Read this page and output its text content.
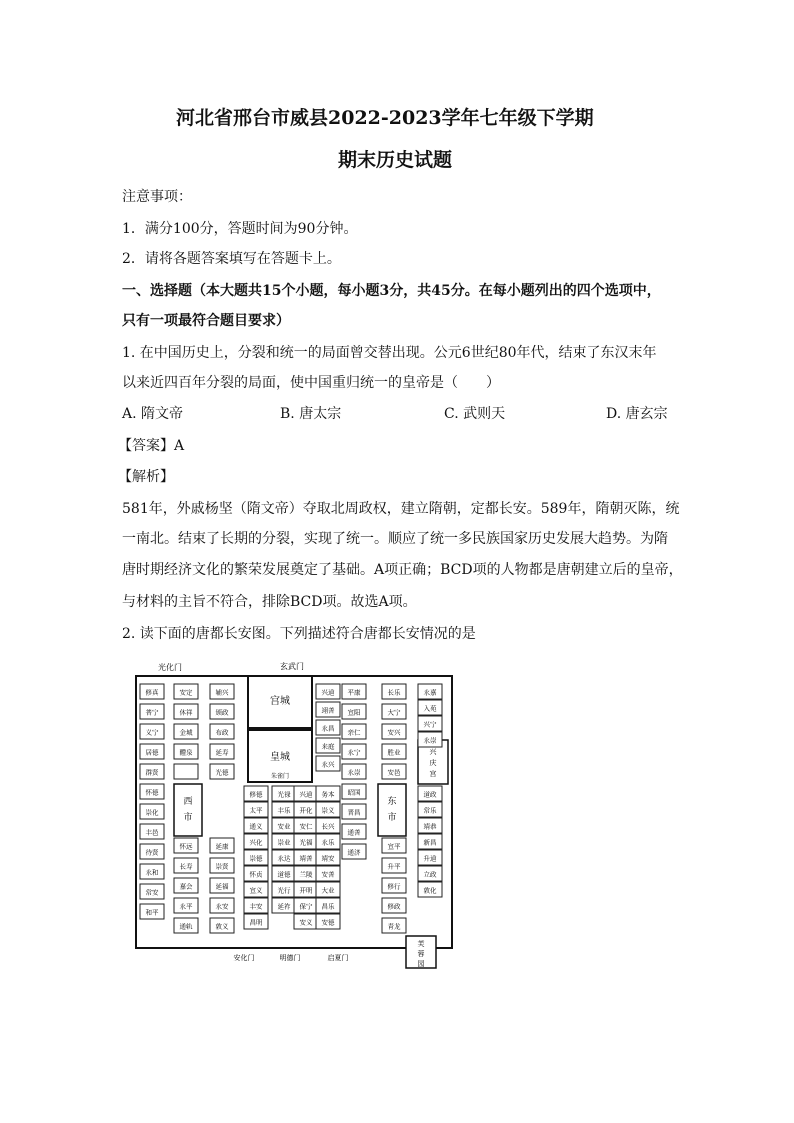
河北省邢台市威县2022-2023学年七年级下学期
期末历史试题
注意事项：
1．满分100分，答题时间为90分钟。
2．请将各题答案填写在答题卡上。
一、选择题（本大题共15个小题，每小题3分，共45分。在每小题列出的四个选项中，
只有一项最符合题目要求）
1. 在中国历史上，分裂和统一的局面曾交替出现。公元6世纪80年代，结束了东汉末年
以来近四百年分裂的局面，使中国重归统一的皇帝是（　　）
A. 隋文帝	B. 唐太宗	C. 武则天	D. 唐玄宗
【答案】A
【解析】
581年，外戚杨坚（隋文帝）夺取北周政权，建立隋朝，定都长安。589年，隋朝灭陈，统
一南北。结束了长期的分裂，实现了统一。顺应了统一多民族国家历史发展大趋势。为隋
唐时期经济文化的繁荣发展奠定了基础。A项正确；BCD项的人物都是唐朝建立后的皇帝，
与材料的主旨不符合，排除BCD项。故选A项。
2. 读下面的唐都长安图。下列描述符合唐都长安情况的是
光化门	玄武门
宫城
皇城
朱雀门
西
市
东
市
兴
庆
宫
修真
普宁
义宁
居德
群贤
怀德
崇化
丰邑
待贤
永和
常安
和平
安定
休祥
金城
醴泉
怀远
长寿
嘉会
永平
通轨
辅兴
颁政
布政
延寿
光德
延康
崇贤
延福
永安
敦义
修德
太平
通义
兴化
崇德
怀贞
宣义
丰安
昌明
光禄
丰乐
安业
崇业
永达
道德
光行
延祚
兴道
开化
安仁
光福
靖善
兰陵
开明
保宁
安义
务本
崇义
长兴
永乐
靖安
安善
大业
昌乐
安德
平康
宣阳
亲仁
永宁
永崇
昭国
晋昌
通善
通济
长乐
大宁
安兴
胜业
安邑
宣平
升平
修行
修政
青龙
永嘉
入苑
兴宁
永崇
道政
常乐
靖恭
新昌
升道
立政
敦化
兴道
翊善
永昌
来庭
永兴
芙
蓉
园
安化门	明德门	启夏门
